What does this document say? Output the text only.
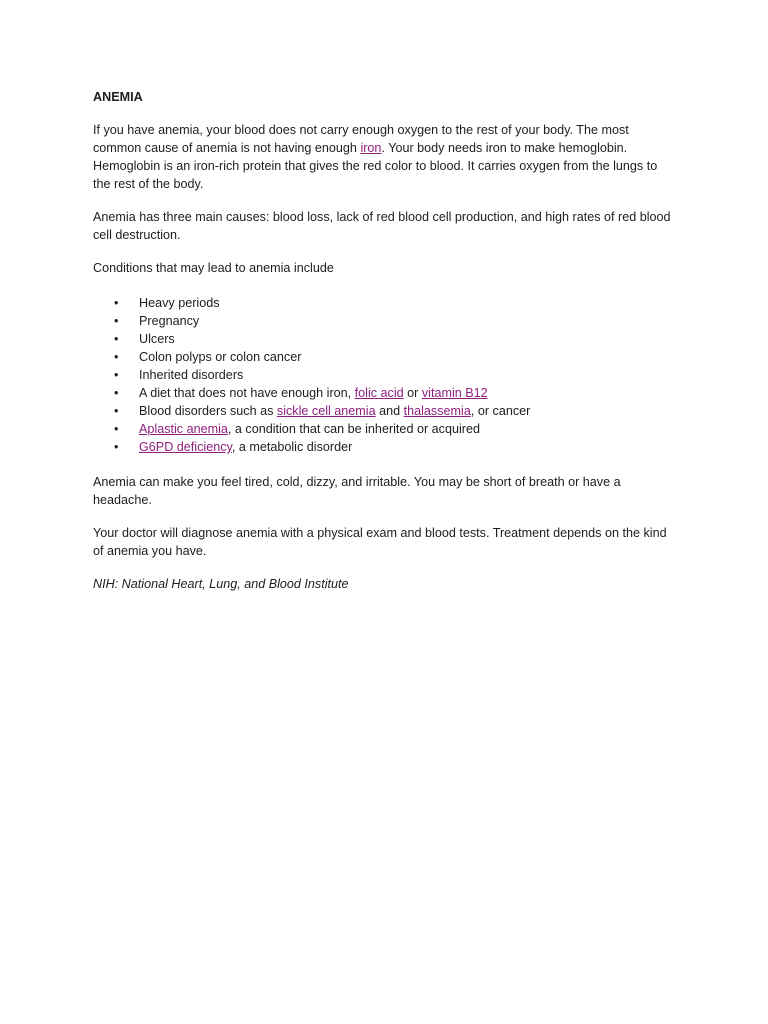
ANEMIA

If you have anemia, your blood does not carry enough oxygen to the rest of your body. The most common cause of anemia is not having enough iron. Your body needs iron to make hemoglobin. Hemoglobin is an iron-rich protein that gives the red color to blood. It carries oxygen from the lungs to the rest of the body.

Anemia has three main causes: blood loss, lack of red blood cell production, and high rates of red blood cell destruction.

Conditions that may lead to anemia include

• Heavy periods
• Pregnancy
• Ulcers
• Colon polyps or colon cancer
• Inherited disorders
• A diet that does not have enough iron, folic acid or vitamin B12
• Blood disorders such as sickle cell anemia and thalassemia, or cancer
• Aplastic anemia, a condition that can be inherited or acquired
• G6PD deficiency, a metabolic disorder

Anemia can make you feel tired, cold, dizzy, and irritable. You may be short of breath or have a headache.

Your doctor will diagnose anemia with a physical exam and blood tests. Treatment depends on the kind of anemia you have.

NIH: National Heart, Lung, and Blood Institute
